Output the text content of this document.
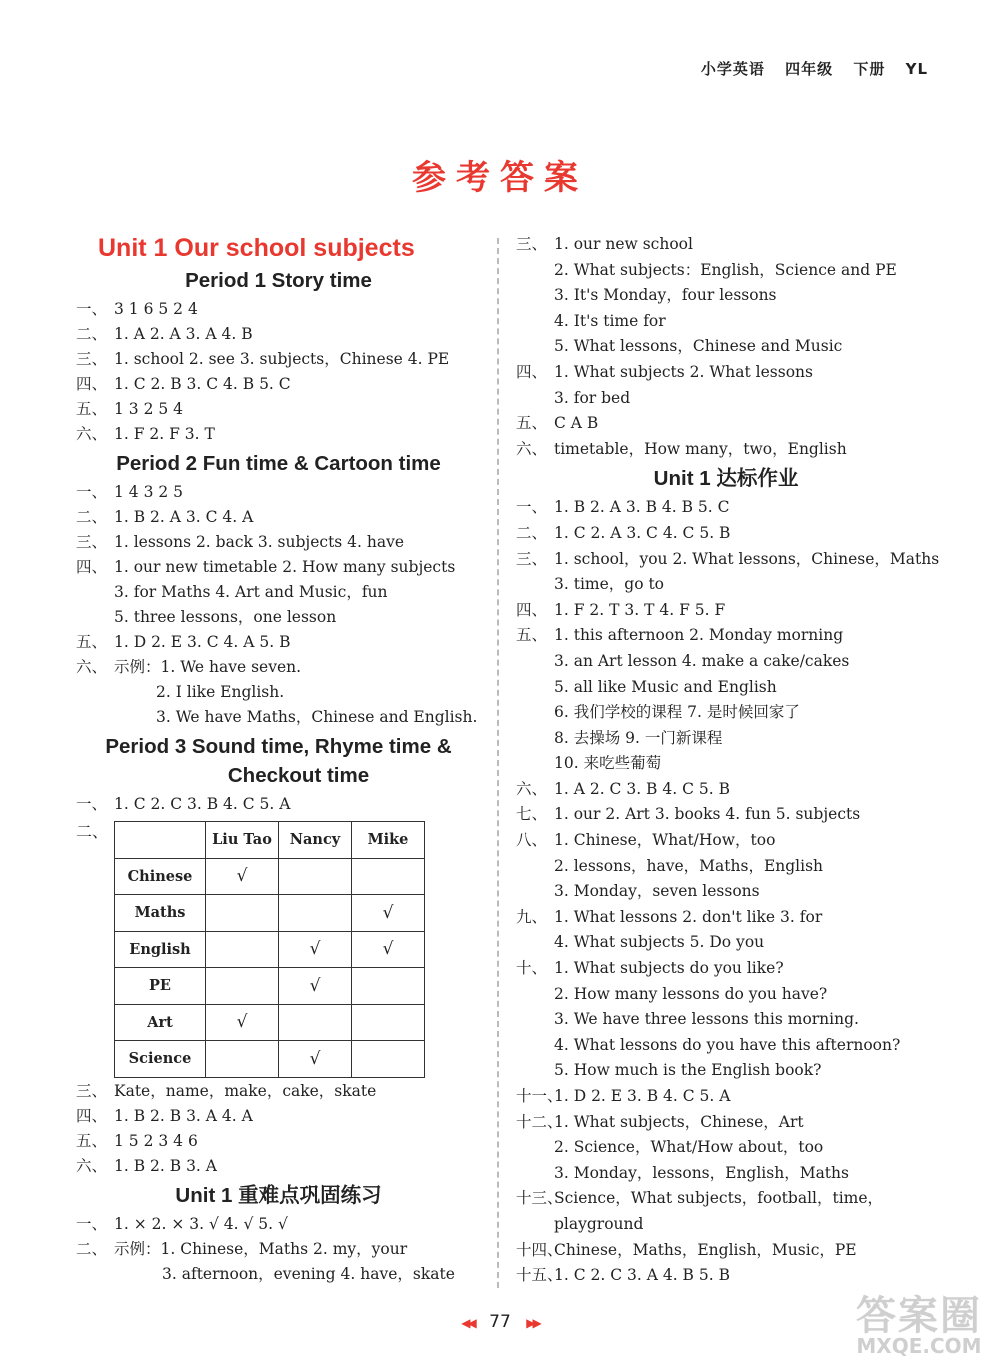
小学英语 四年级 下册 YL
参考答案
Unit 1 Our school subjects
Period 1 Story time
一、 3 1 6 5 2 4
二、 1. A 2. A 3. A 4. B
三、 1. school 2. see 3. subjects，Chinese 4. PE
四、 1. C 2. B 3. C 4. B 5. C
五、 1 3 2 5 4
六、 1. F 2. F 3. T
Period 2 Fun time & Cartoon time
一、 1 4 3 2 5
二、 1. B 2. A 3. C 4. A
三、 1. lessons 2. back 3. subjects 4. have
四、 1. our new timetable 2. How many subjects
3. for Maths 4. Art and Music，fun
5. three lessons，one lesson
五、 1. D 2. E 3. C 4. A 5. B
六、 示例：1. We have seven.
2. I like English.
3. We have Maths，Chinese and English.
Period 3 Sound time, Rhyme time &
Checkout time
一、 1. C 2. C 3. B 4. C 5. A
二、
		Liu Tao	Nancy	Mike
Chinese	√		
Maths			√
English		√	√
PE		√	
Art	√		
Science		√	
三、 Kate，name，make，cake，skate
四、 1. B 2. B 3. A 4. A
五、 1 5 2 3 4 6
六、 1. B 2. B 3. A
Unit 1 重难点巩固练习
一、 1. × 2. × 3. √ 4. √ 5. √
二、 示例：1. Chinese，Maths 2. my，your
3. afternoon，evening 4. have，skate
三、 1. our new school
2. What subjects：English，Science and PE
3. It's Monday，four lessons
4. It's time for
5. What lessons，Chinese and Music
四、 1. What subjects 2. What lessons
3. for bed
五、 C A B
六、 timetable，How many，two，English
Unit 1 达标作业
一、 1. B 2. A 3. B 4. B 5. C
二、 1. C 2. A 3. C 4. C 5. B
三、 1. school，you 2. What lessons，Chinese，Maths
3. time，go to
四、 1. F 2. T 3. T 4. F 5. F
五、 1. this afternoon 2. Monday morning
3. an Art lesson 4. make a cake/cakes
5. all like Music and English
6. 我们学校的课程 7. 是时候回家了
8. 去操场 9. 一门新课程
10. 来吃些葡萄
六、 1. A 2. C 3. B 4. C 5. B
七、 1. our 2. Art 3. books 4. fun 5. subjects
八、 1. Chinese，What/How，too
2. lessons，have，Maths，English
3. Monday，seven lessons
九、 1. What lessons 2. don't like 3. for
4. What subjects 5. Do you
十、 1. What subjects do you like?
2. How many lessons do you have?
3. We have three lessons this morning.
4. What lessons do you have this afternoon?
5. How much is the English book?
十一、
1. D 2. E 3. B 4. C 5. A
十二、
1. What subjects，Chinese，Art
2. Science，What/How about，too
3. Monday，lessons，English，Maths
十三、
Science，What subjects，football，time，
playground
十四、
Chinese，Maths，English，Music，PE
十五、
1. C 2. C 3. A 4. B 5. B
◀◀ 77 ▶▶	答案圈
MXQE.COM
